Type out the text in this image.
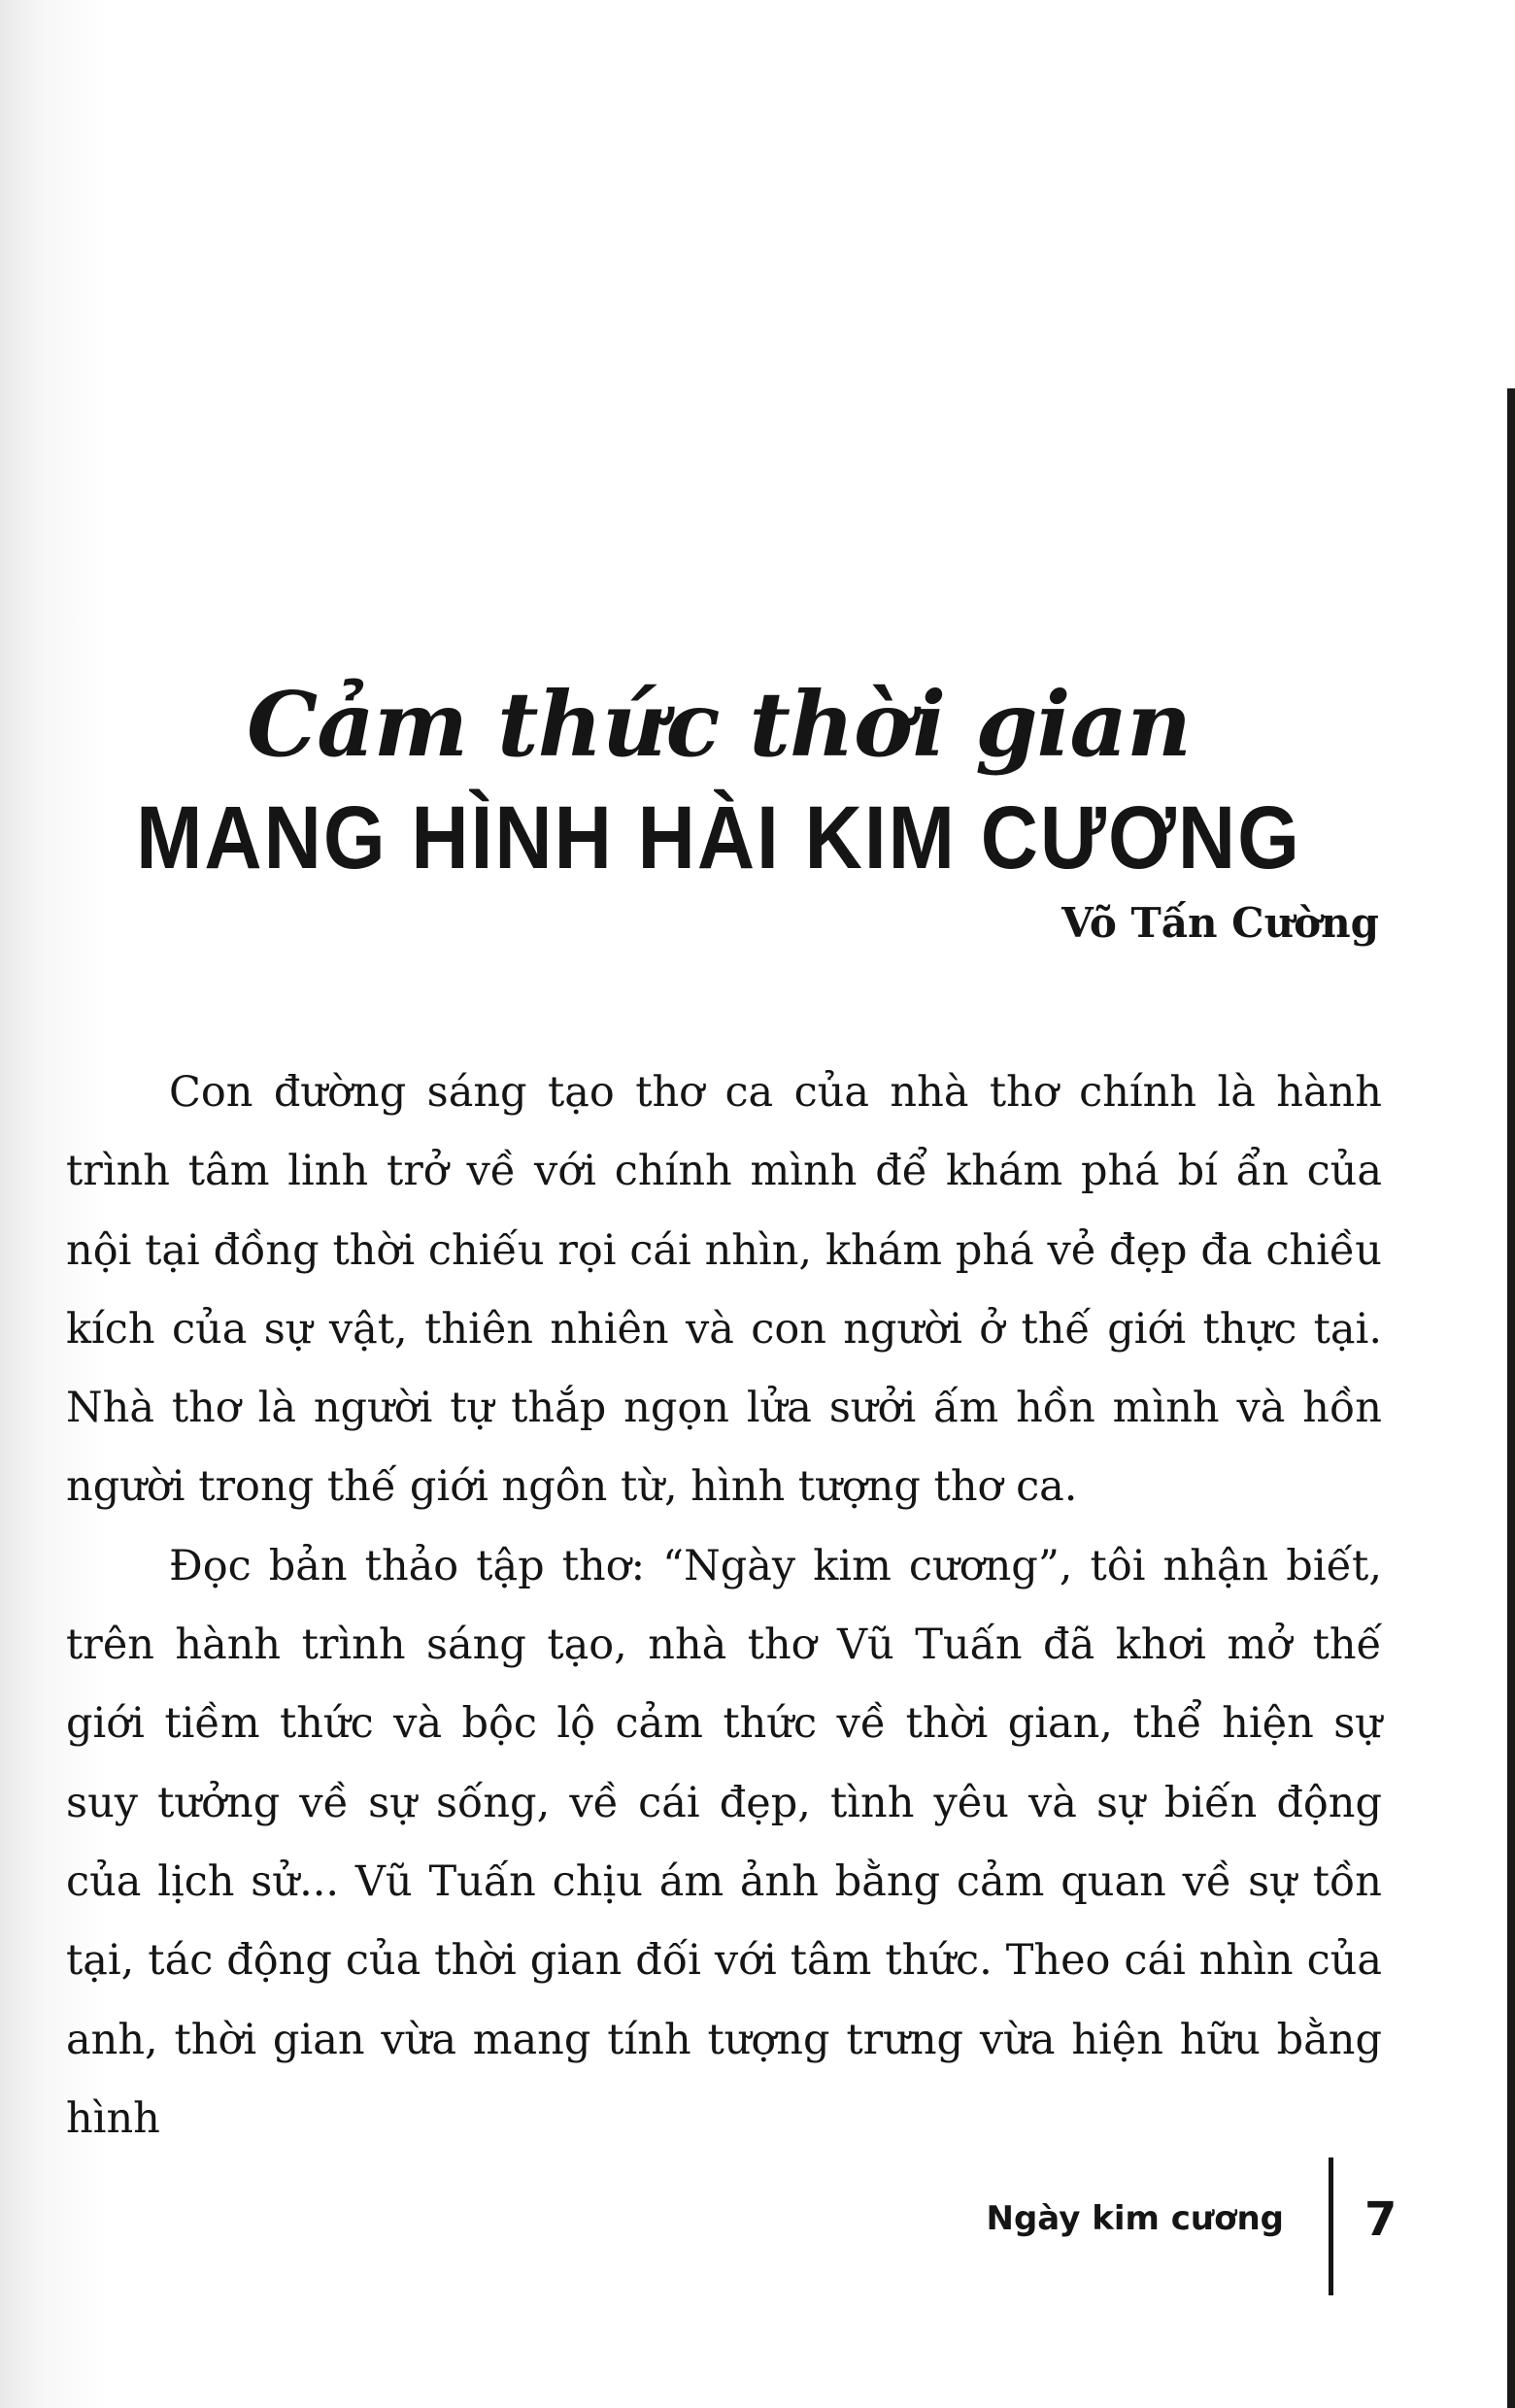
Cảm thức thời gian
MANG HÌNH HÀI KIM CƯƠNG
Võ Tấn Cường

Con đường sáng tạo thơ ca của nhà thơ chính là hành trình tâm linh trở về với chính mình để khám phá bí ẩn của nội tại đồng thời chiếu rọi cái nhìn, khám phá vẻ đẹp đa chiều kích của sự vật, thiên nhiên và con người ở thế giới thực tại. Nhà thơ là người tự thắp ngọn lửa sưởi ấm hồn mình và hồn người trong thế giới ngôn từ, hình tượng thơ ca.

Đọc bản thảo tập thơ: “Ngày kim cương”, tôi nhận biết, trên hành trình sáng tạo, nhà thơ Vũ Tuấn đã khơi mở thế giới tiềm thức và bộc lộ cảm thức về thời gian, thể hiện sự suy tưởng về sự sống, về cái đẹp, tình yêu và sự biến động của lịch sử... Vũ Tuấn chịu ám ảnh bằng cảm quan về sự tồn tại, tác động của thời gian đối với tâm thức. Theo cái nhìn của anh, thời gian vừa mang tính tượng trưng vừa hiện hữu bằng hình

Ngày kim cương 7
